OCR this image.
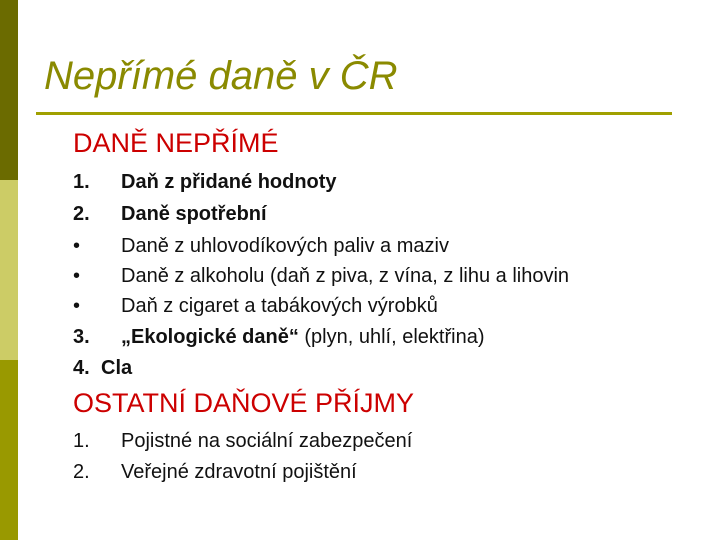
Nepřímé daně v ČR
DANĚ NEPŘÍMÉ
1. Daň z přidané hodnoty
2. Daně spotřební
• Daně z uhlovodíkových paliv a maziv
• Daně z alkoholu (daň z piva, z vína, z lihu a lihovin
• Daň z cigaret a tabákových výrobků
3. „Ekologické daně“ (plyn, uhlí, elektřina)
4. Cla
OSTATNÍ DAŇOVÉ PŘÍJMY
1. Pojistné na sociální zabezpečení
2. Veřejné zdravotní pojištění
